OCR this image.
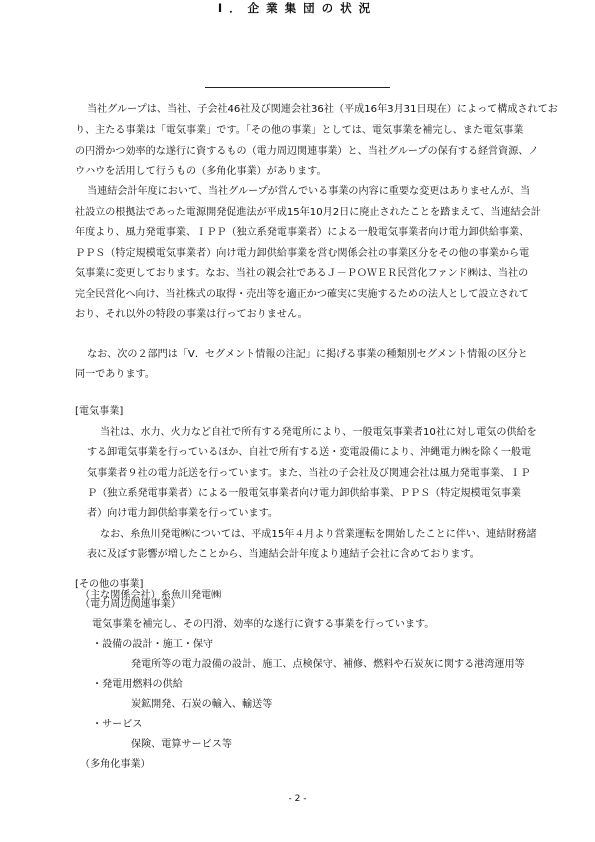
Ⅰ．企業集団の状況
当社グループは、当社、子会社46社及び関連会社36社（平成16年3月31日現在）によって構成されてお
り、主たる事業は「電気事業」です。「その他の事業」としては、電気事業を補完し、また電気事業
の円滑かつ効率的な遂行に資するもの（電力周辺関連事業）と、当社グループの保有する経営資源、ノ
ウハウを活用して行うもの（多角化事業）があります。
当連結会計年度において、当社グループが営んでいる事業の内容に重要な変更はありませんが、当
社設立の根拠法であった電源開発促進法が平成15年10月2日に廃止されたことを踏まえて、当連結会計
年度より、風力発電事業、ＩＰＰ（独立系発電事業者）による一般電気事業者向け電力卸供給事業、
ＰＰＳ（特定規模電気事業者）向け電力卸供給事業を営む関係会社の事業区分をその他の事業から電
気事業に変更しております。なお、当社の親会社であるＪ－ＰＯＷＥＲ民営化ファンド㈱は、当社の
完全民営化へ向け、当社株式の取得・売出等を適正かつ確実に実施するための法人として設立されて
おり、それ以外の特段の事業は行っておりません。
なお、次の２部門は「Ⅴ．セグメント情報の注記」に掲げる事業の種類別セグメント情報の区分と
同一であります。
[電気事業]
当社は、水力、火力など自社で所有する発電所により、一般電気事業者10社に対し電気の供給を
する卸電気事業を行っているほか、自社で所有する送・変電設備により、沖縄電力㈱を除く一般電
気事業者９社の電力託送を行っています。また、当社の子会社及び関連会社は風力発電事業、ＩＰ
Ｐ（独立系発電事業者）による一般電気事業者向け電力卸供給事業、ＰＰＳ（特定規模電気事業
者）向け電力卸供給事業を行っています。
なお、糸魚川発電㈱については、平成15年４月より営業運転を開始したことに伴い、連結財務諸
表に及ぼす影響が増したことから、当連結会計年度より連結子会社に含めております。
（主な関係会社）糸魚川発電㈱
[その他の事業]
（電力周辺関連事業）
電気事業を補完し、その円滑、効率的な遂行に資する事業を行っています。
・設備の設計・施工・保守
発電所等の電力設備の設計、施工、点検保守、補修、燃料や石炭灰に関する港湾運用等
・発電用燃料の供給
炭鉱開発、石炭の輸入、輸送等
・サービス
保険、電算サービス等
（多角化事業）
- 2 -
